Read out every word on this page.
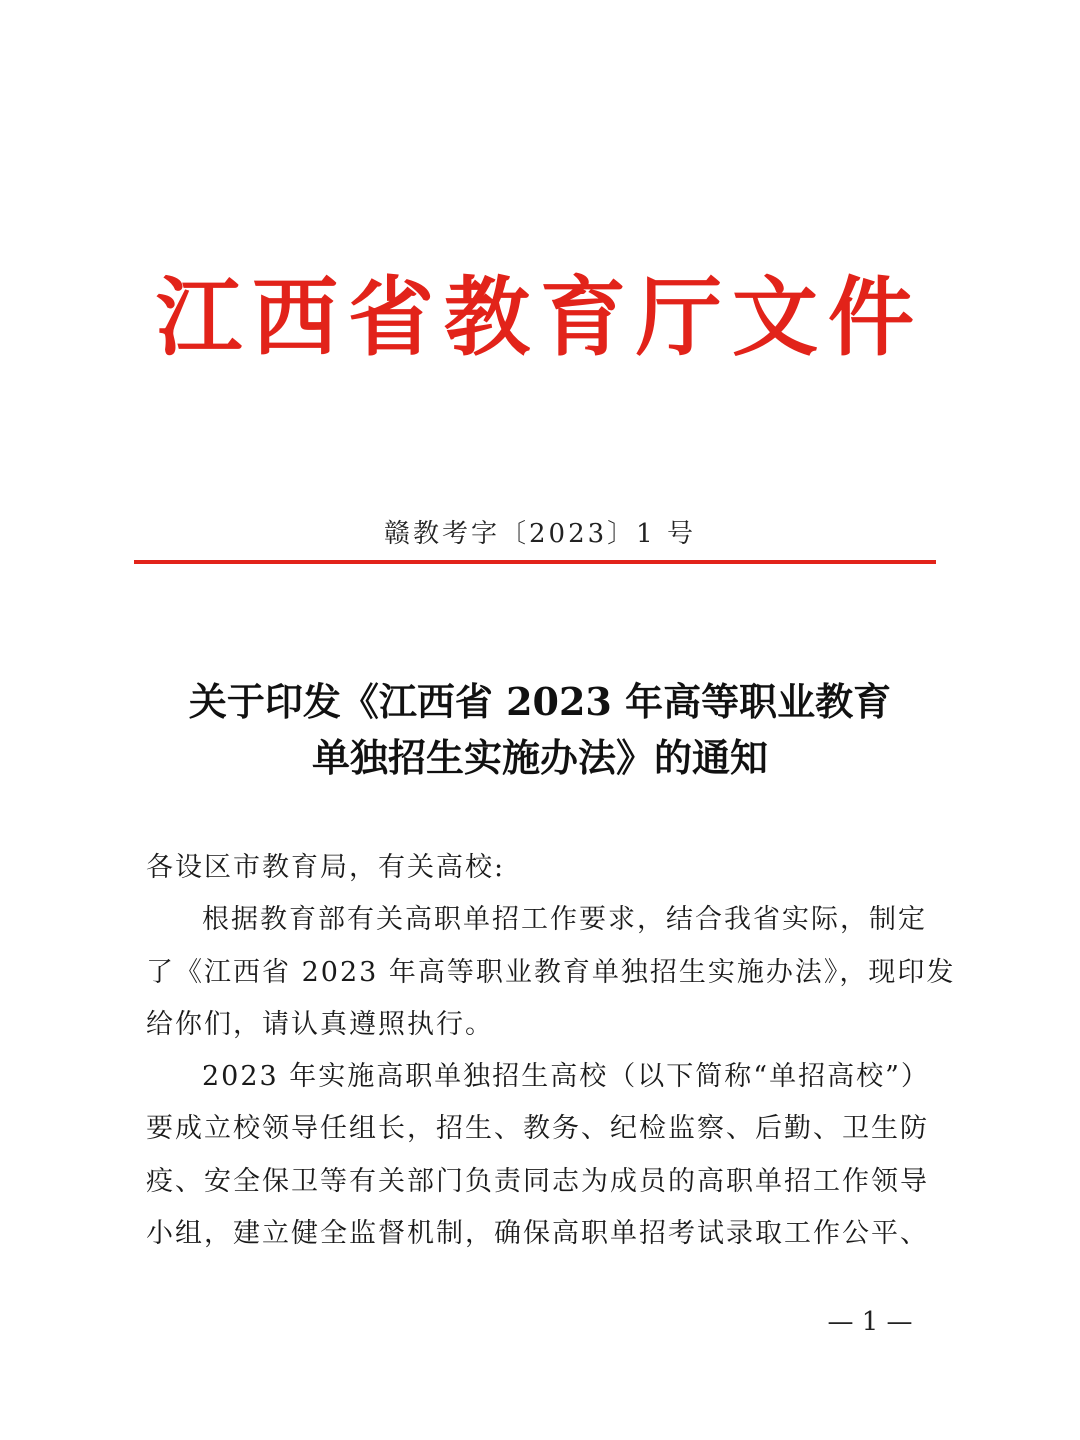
江西省教育厅文件
赣教考字〔2023〕1 号
关于印发《江西省 2023 年高等职业教育
单独招生实施办法》的通知
各设区市教育局，有关高校:
根据教育部有关高职单招工作要求，结合我省实际，制定
了《江西省 2023 年高等职业教育单独招生实施办法》，现印发
给你们，请认真遵照执行。
2023 年实施高职单独招生高校（以下简称“单招高校”）
要成立校领导任组长，招生、教务、纪检监察、后勤、卫生防
疫、安全保卫等有关部门负责同志为成员的高职单招工作领导
小组，建立健全监督机制，确保高职单招考试录取工作公平、
— 1 —
